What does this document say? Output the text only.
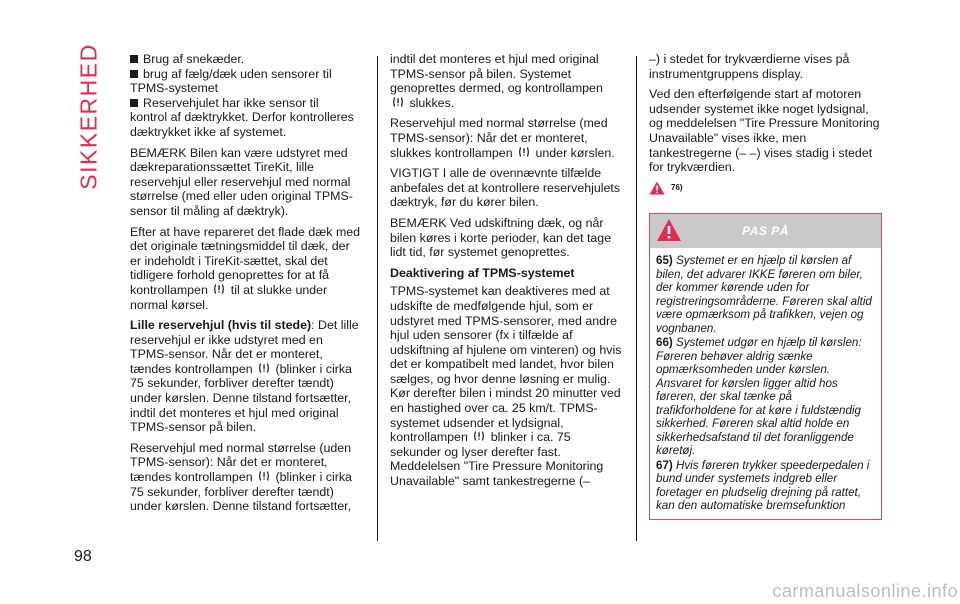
SIKKERHED
98

Brug af snekæder.
brug af fælg/dæk uden sensorer til TPMS-systemet
Reservehjulet har ikke sensor til

kontrol af dæktrykket. Derfor kontrolleres dæktrykket ikke af systemet.

BEMÆRK Bilen kan være udstyret med dækreparationssættet TireKit, lille reservehjul eller reservehjul med normal størrelse (med eller uden original TPMS-sensor til måling af dæktryk).

Efter at have repareret det flade dæk med det originale tætningsmiddel til dæk, der er indeholdt i TireKit-sættet, skal det tidligere forhold genoprettes for at få kontrollampen til at slukke under normal kørsel.

Lille reservehjul (hvis til stede): Det lille reservehjul er ikke udstyret med en TPMS-sensor. Når det er monteret, tændes kontrollampen (blinker i cirka 75 sekunder, forbliver derefter tændt) under kørslen. Denne tilstand fortsætter, indtil det monteres et hjul med original TPMS-sensor på bilen.

Reservehjul med normal størrelse (uden TPMS-sensor): Når det er monteret, tændes kontrollampen (blinker i cirka 75 sekunder, forbliver derefter tændt) under kørslen. Denne tilstand fortsætter,

indtil det monteres et hjul med original TPMS-sensor på bilen. Systemet genoprettes dermed, og kontrollampen
slukkes.

Reservehjul med normal størrelse (med TPMS-sensor): Når det er monteret, slukkes kontrollampen under kørslen.

VIGTIGT I alle de ovennævnte tilfælde anbefales det at kontrollere reservehjulets dæktryk, før du kører bilen.

BEMÆRK Ved udskiftning dæk, og når bilen køres i korte perioder, kan det tage lidt tid, før systemet genoprettes.

Deaktivering af TPMS-systemet

TPMS-systemet kan deaktiveres med at udskifte de medfølgende hjul, som er udstyret med TPMS-sensorer, med andre hjul uden sensorer (fx i tilfælde af udskiftning af hjulene om vinteren) og hvis det er kompatibelt med landet, hvor bilen sælges, og hvor denne løsning er mulig. Kør derefter bilen i mindst 20 minutter ved en hastighed over ca. 25 km/t. TPMS-systemet udsender et lydsignal, kontrollampen blinker i ca. 75 sekunder og lyser derefter fast. Meddelelsen "Tire Pressure Monitoring Unavailable" samt tankestregerne (–

–) i stedet for trykværdierne vises på instrumentgruppens display.

Ved den efterfølgende start af motoren udsender systemet ikke noget lydsignal, og meddelelsen "Tire Pressure Monitoring Unavailable" vises ikke, men tankestregerne (– –) vises stadig i stedet for trykværdien.

76)
PAS PÅ

65) Systemet er en hjælp til kørslen af bilen, det advarer IKKE føreren om biler, der kommer kørende uden for registreringsområderne. Føreren skal altid være opmærksom på trafikken, vejen og vognbanen.

66) Systemet udgør en hjælp til kørslen: Føreren behøver aldrig sænke opmærksomheden under kørslen. Ansvaret for kørslen ligger altid hos føreren, der skal tænke på trafikforholdene for at køre i fuldstændig sikkerhed. Føreren skal altid holde en sikkerhedsafstand til det foranliggende køretøj.

67) Hvis føreren trykker speederpedalen i bund under systemets indgreb eller foretager en pludselig drejning på rattet, kan den automatiske bremsefunktion

carmanualsonline.info
